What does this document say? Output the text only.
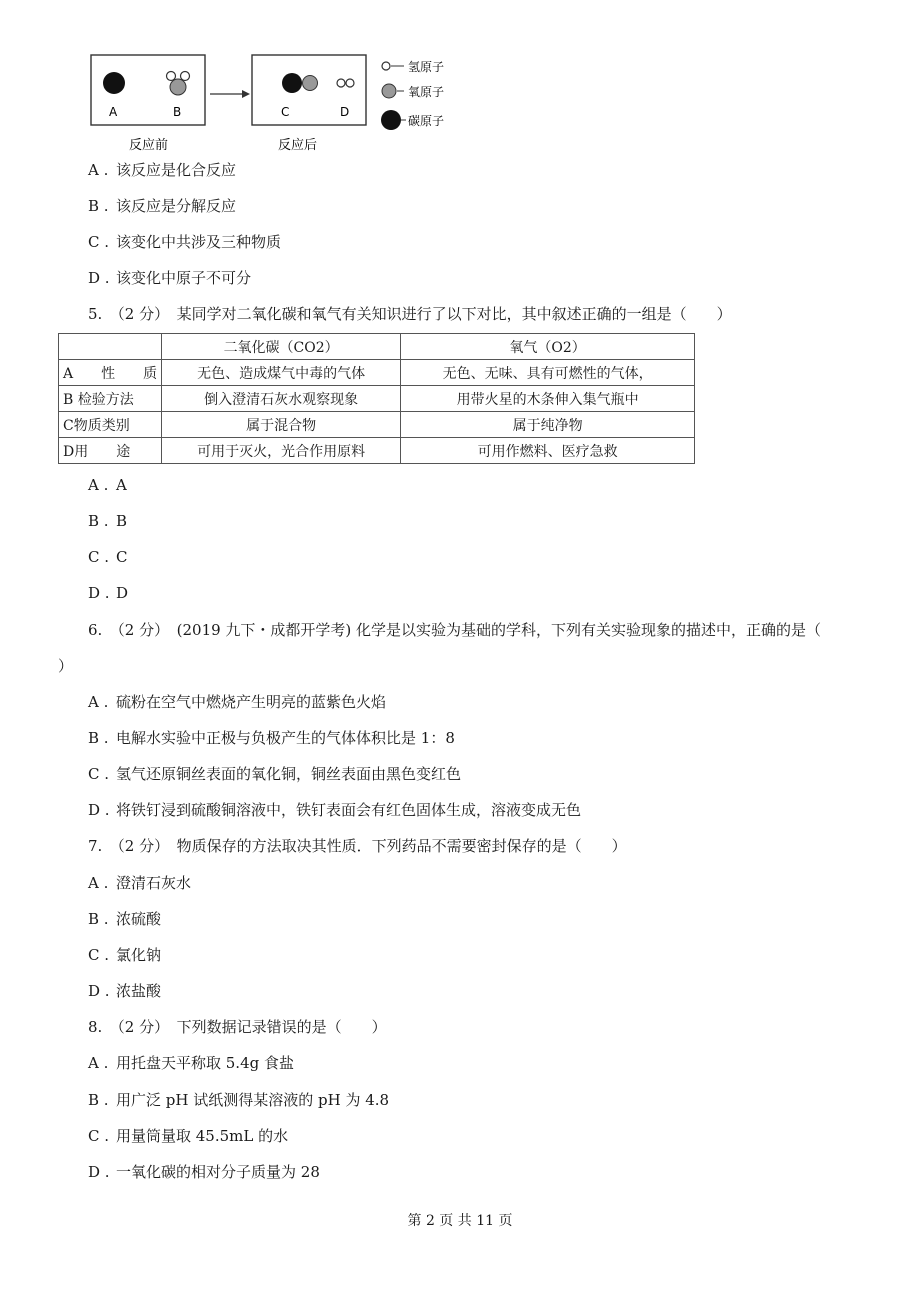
A	B	C	D
反应前	反应后
氢原子
氧原子
碳原子
A . 该反应是化合反应
B . 该反应是分解反应
C . 该变化中共涉及三种物质
D . 该变化中原子不可分
5.　（2 分）　某同学对二氧化碳和氧气有关知识进行了以下对比，其中叙述正确的一组是（　　）
	二氧化碳（CO2）	氧气（O2）
A　　性　　质	无色、造成煤气中毒的气体	无色、无味、具有可燃性的气体，
B 检验方法	倒入澄清石灰水观察现象	用带火星的木条伸入集气瓶中
C物质类别	属于混合物	属于纯净物
D用　　途	可用于灭火，光合作用原料	可用作燃料、医疗急救
A . A
B . B
C . C
D . D
6.　（2 分）　(2019 九下・成都开学考) 化学是以实验为基础的学科，下列有关实验现象的描述中，正确的是（
）
A . 硫粉在空气中燃烧产生明亮的蓝紫色火焰
B . 电解水实验中正极与负极产生的气体体积比是 1：8
C . 氢气还原铜丝表面的氧化铜，铜丝表面由黑色变红色
D . 将铁钉浸到硫酸铜溶液中，铁钉表面会有红色固体生成，溶液变成无色
7.　（2 分）　物质保存的方法取决其性质．下列药品不需要密封保存的是（　　）
A . 澄清石灰水
B . 浓硫酸
C . 氯化钠
D . 浓盐酸
8.　（2 分）　下列数据记录错误的是（　　）
A . 用托盘天平称取 5.4g 食盐
B . 用广泛 pH 试纸测得某溶液的 pH 为 4.8
C . 用量筒量取 45.5mL 的水
D . 一氧化碳的相对分子质量为 28
第 2 页 共 11 页
